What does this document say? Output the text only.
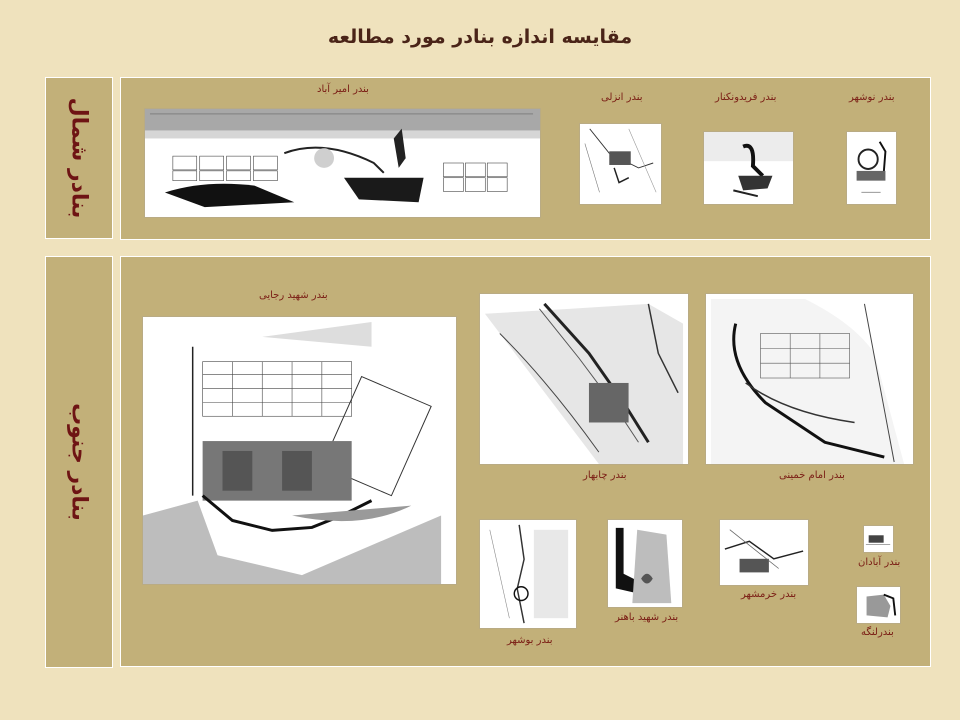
مقایسه اندازه بنادر مورد مطالعه
بنادر شمال
بندر امیر آباد
بندر انزلی	بندر فریدونکنار	بندر نوشهر
بنادر جنوب
بندر شهید رجایی
بندر چابهار	بندر امام خمینی
بندر بوشهر
بندر شهید باهنر
بندر خرمشهر
بندر آبادان
بندرلنگه
